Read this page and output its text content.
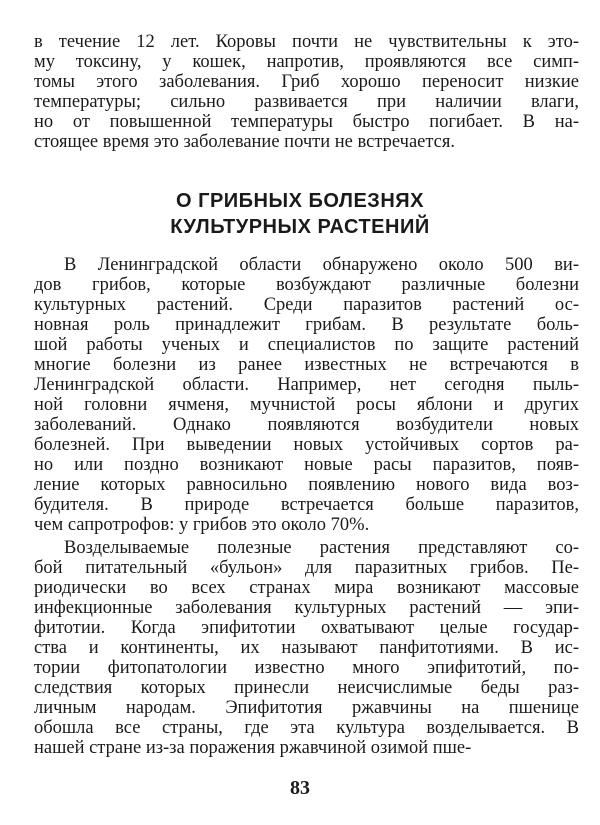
в течение 12 лет. Коровы почти не чувствительны к это-
му токсину, у кошек, напротив, проявляются все симп-
томы этого заболевания. Гриб хорошо переносит низкие
температуры; сильно развивается при наличии влаги,
но от повышенной температуры быстро погибает. В на-
стоящее время это заболевание почти не встречается.
О ГРИБНЫХ БОЛЕЗНЯХ
КУЛЬТУРНЫХ РАСТЕНИЙ
В Ленинградской области обнаружено около 500 ви-
дов грибов, которые возбуждают различные болезни
культурных растений. Среди паразитов растений ос-
новная роль принадлежит грибам. В результате боль-
шой работы ученых и специалистов по защите растений
многие болезни из ранее известных не встречаются в
Ленинградской области. Например, нет сегодня пыль-
ной головни ячменя, мучнистой росы яблони и других
заболеваний. Однако появляются возбудители новых
болезней. При выведении новых устойчивых сортов ра-
но или поздно возникают новые расы паразитов, появ-
ление которых равносильно появлению нового вида воз-
будителя. В природе встречается больше паразитов,
чем сапротрофов: у грибов это около 70%.
Возделываемые полезные растения представляют со-
бой питательный «бульон» для паразитных грибов. Пе-
риодически во всех странах мира возникают массовые
инфекционные заболевания культурных растений — эпи-
фитотии. Когда эпифитотии охватывают целые государ-
ства и континенты, их называют панфитотиями. В ис-
тории фитопатологии известно много эпифитотий, по-
следствия которых принесли неисчислимые беды раз-
личным народам. Эпифитотия ржавчины на пшенице
обошла все страны, где эта культура возделывается. В
нашей стране из-за поражения ржавчиной озимой пше-
83
